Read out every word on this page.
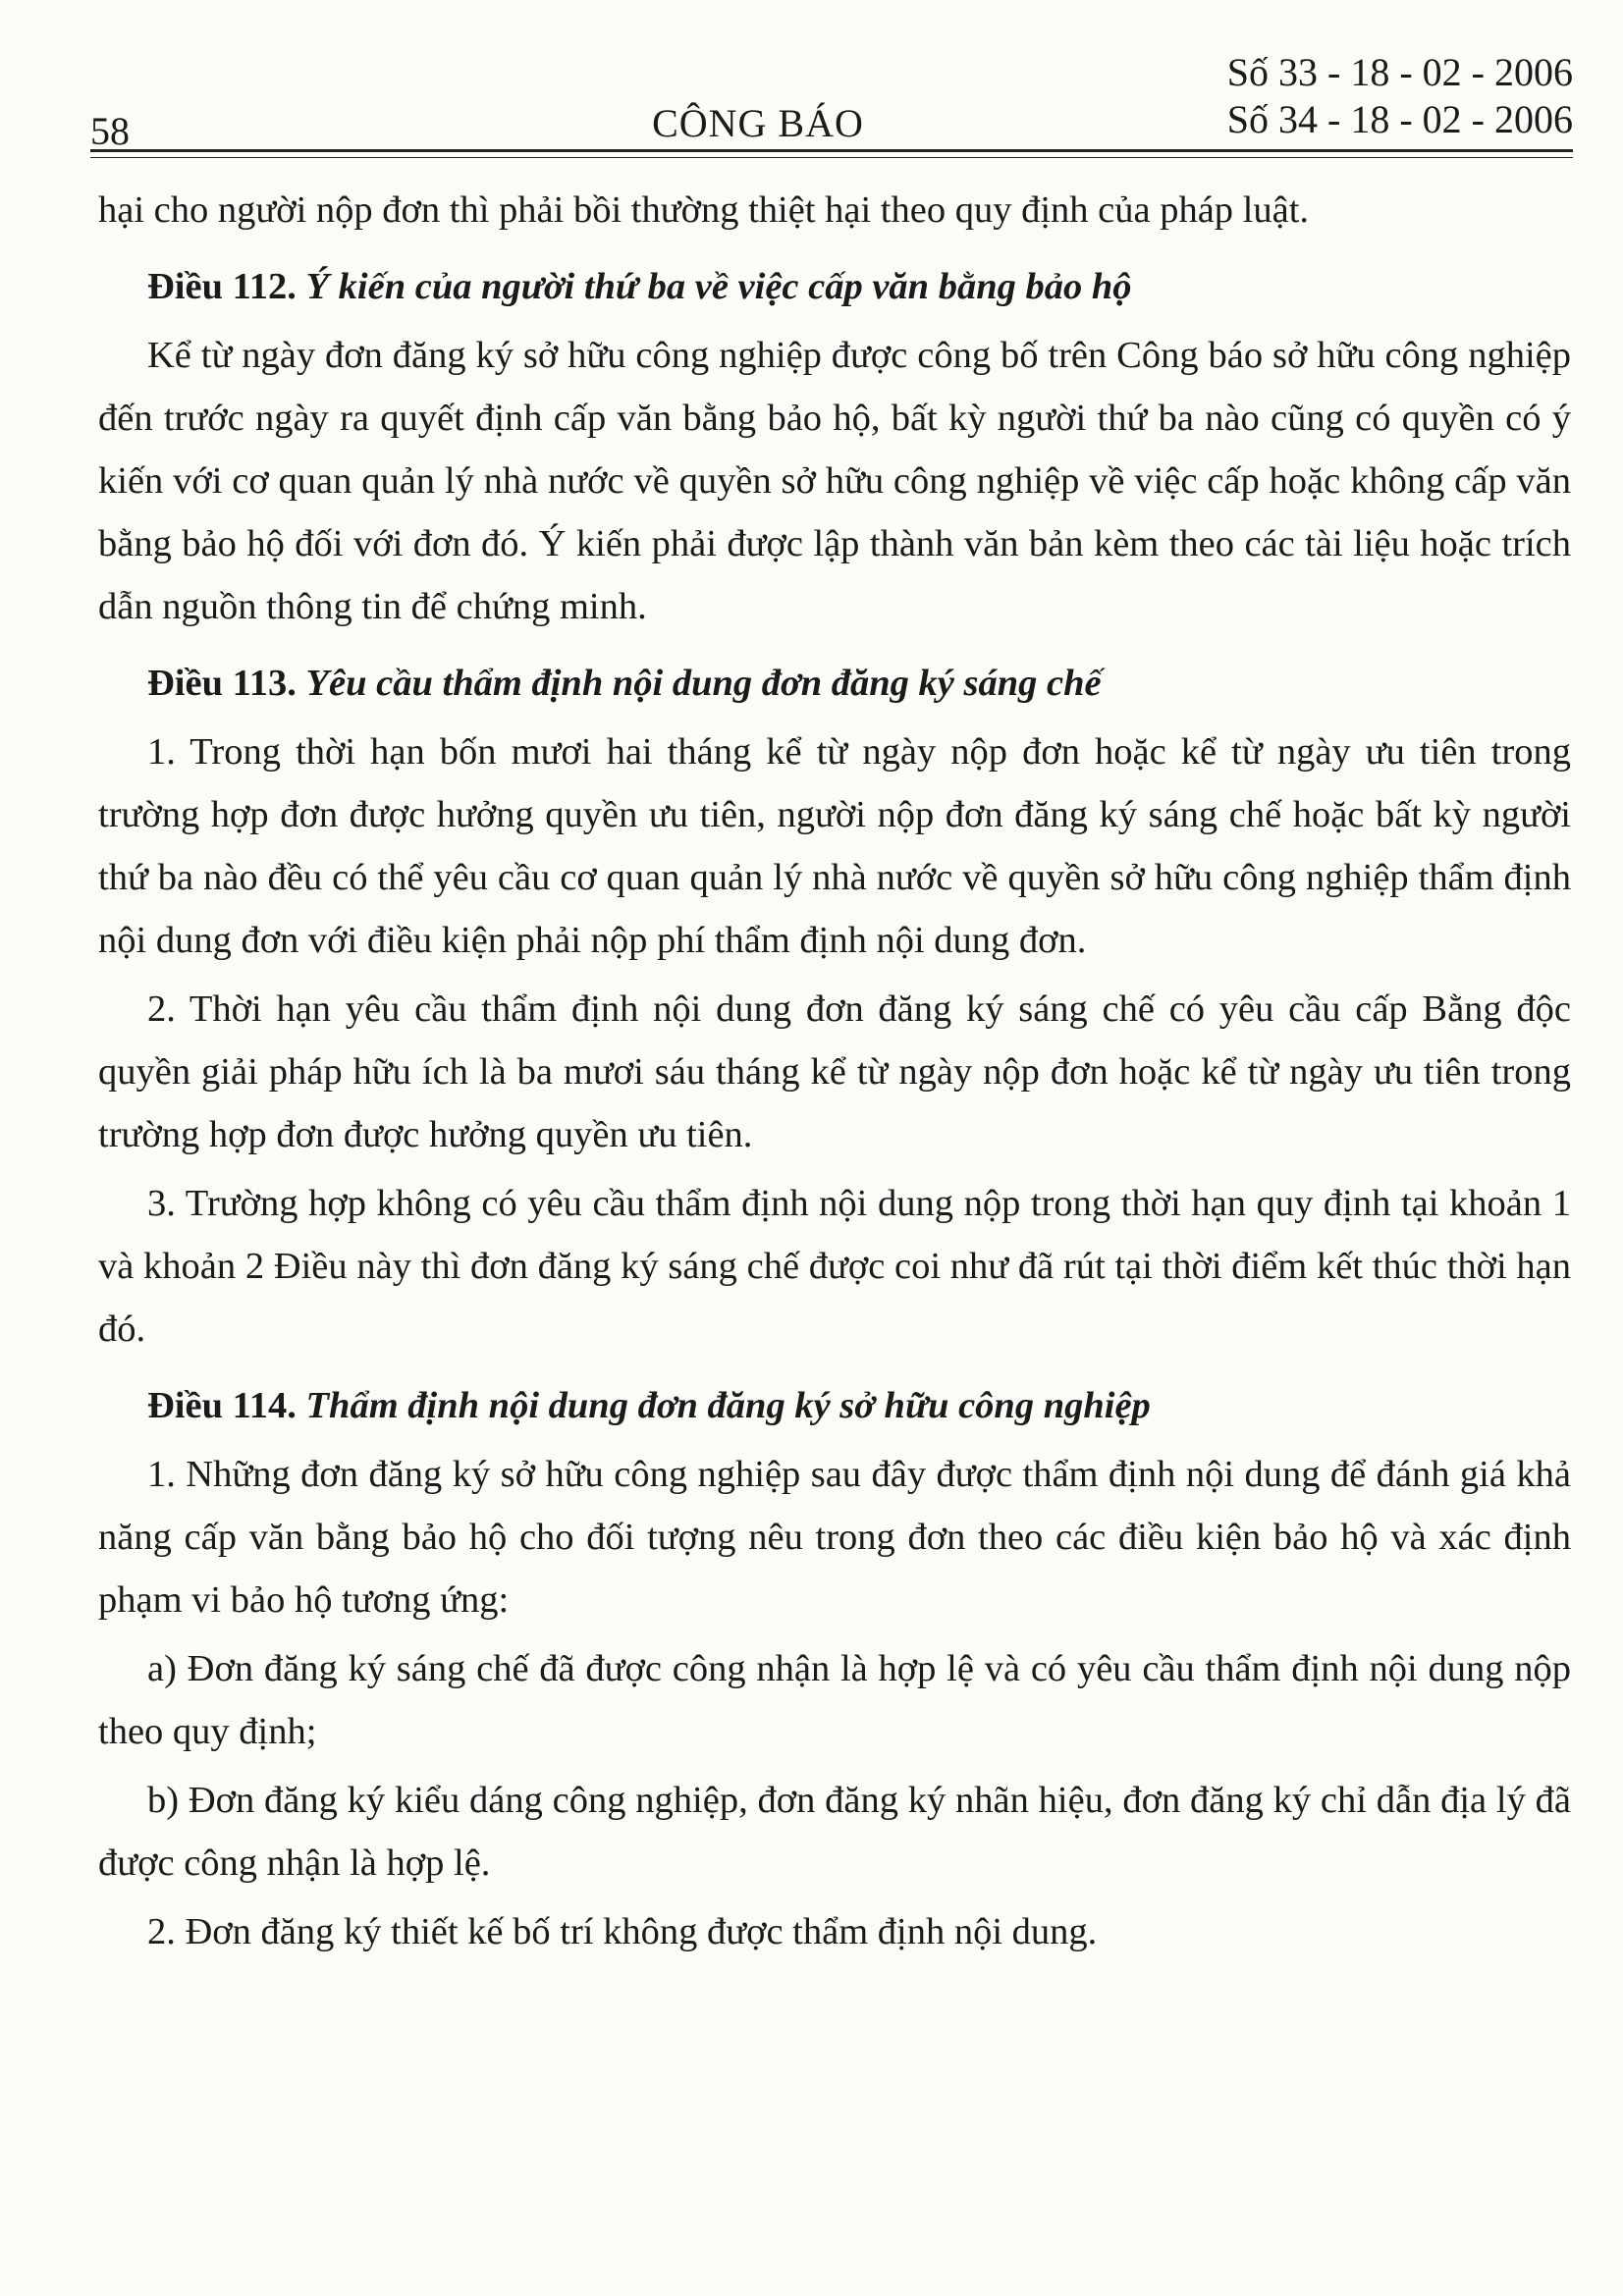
58	CÔNG BÁO
Số 33 - 18 - 02 - 2006
Số 34 - 18 - 02 - 2006

hại cho người nộp đơn thì phải bồi thường thiệt hại theo quy định của pháp luật.

Điều 112. Ý kiến của người thứ ba về việc cấp văn bằng bảo hộ

Kể từ ngày đơn đăng ký sở hữu công nghiệp được công bố trên Công báo sở hữu công nghiệp đến trước ngày ra quyết định cấp văn bằng bảo hộ, bất kỳ người thứ ba nào cũng có quyền có ý kiến với cơ quan quản lý nhà nước về quyền sở hữu công nghiệp về việc cấp hoặc không cấp văn bằng bảo hộ đối với đơn đó. Ý kiến phải được lập thành văn bản kèm theo các tài liệu hoặc trích dẫn nguồn thông tin để chứng minh.

Điều 113. Yêu cầu thẩm định nội dung đơn đăng ký sáng chế

1. Trong thời hạn bốn mươi hai tháng kể từ ngày nộp đơn hoặc kể từ ngày ưu tiên trong trường hợp đơn được hưởng quyền ưu tiên, người nộp đơn đăng ký sáng chế hoặc bất kỳ người thứ ba nào đều có thể yêu cầu cơ quan quản lý nhà nước về quyền sở hữu công nghiệp thẩm định nội dung đơn với điều kiện phải nộp phí thẩm định nội dung đơn.

2. Thời hạn yêu cầu thẩm định nội dung đơn đăng ký sáng chế có yêu cầu cấp Bằng độc quyền giải pháp hữu ích là ba mươi sáu tháng kể từ ngày nộp đơn hoặc kể từ ngày ưu tiên trong trường hợp đơn được hưởng quyền ưu tiên.

3. Trường hợp không có yêu cầu thẩm định nội dung nộp trong thời hạn quy định tại khoản 1 và khoản 2 Điều này thì đơn đăng ký sáng chế được coi như đã rút tại thời điểm kết thúc thời hạn đó.

Điều 114. Thẩm định nội dung đơn đăng ký sở hữu công nghiệp

1. Những đơn đăng ký sở hữu công nghiệp sau đây được thẩm định nội dung để đánh giá khả năng cấp văn bằng bảo hộ cho đối tượng nêu trong đơn theo các điều kiện bảo hộ và xác định phạm vi bảo hộ tương ứng:

a) Đơn đăng ký sáng chế đã được công nhận là hợp lệ và có yêu cầu thẩm định nội dung nộp theo quy định;

b) Đơn đăng ký kiểu dáng công nghiệp, đơn đăng ký nhãn hiệu, đơn đăng ký chỉ dẫn địa lý đã được công nhận là hợp lệ.

2. Đơn đăng ký thiết kế bố trí không được thẩm định nội dung.
